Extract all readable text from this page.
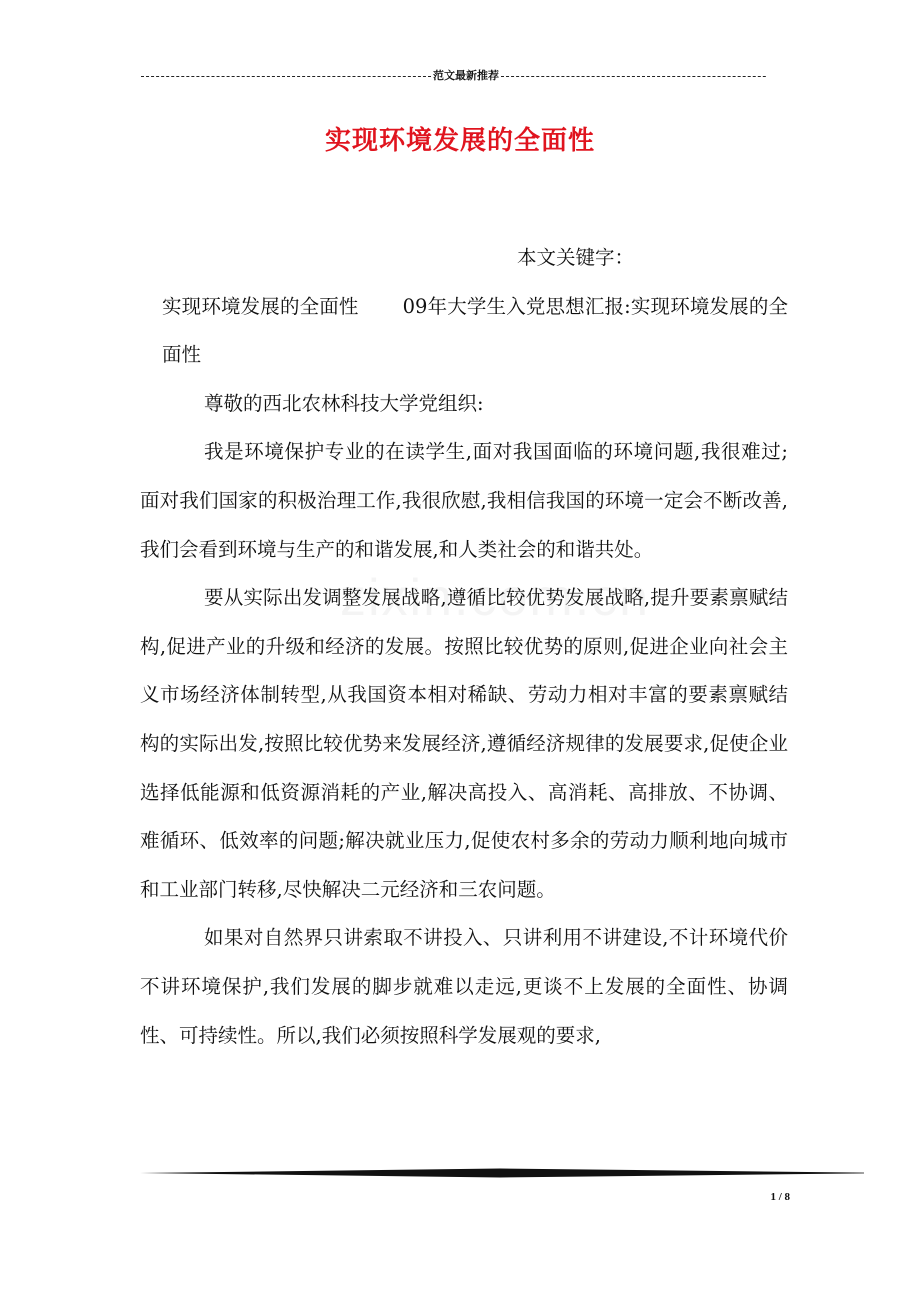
范文最新推荐
实现环境发展的全面性

本文关键字：

实现环境发展的全面性 09年大学生入党思想汇报:实现环境发展的全面性

尊敬的西北农林科技大学党组织:

我是环境保护专业的在读学生,面对我国面临的环境问题,我很难过;面对我们国家的积极治理工作,我很欣慰,我相信我国的环境一定会不断改善,我们会看到环境与生产的和谐发展,和人类社会的和谐共处。

要从实际出发调整发展战略,遵循比较优势发展战略,提升要素禀赋结构,促进产业的升级和经济的发展。按照比较优势的原则,促进企业向社会主义市场经济体制转型,从我国资本相对稀缺、劳动力相对丰富的要素禀赋结构的实际出发,按照比较优势来发展经济,遵循经济规律的发展要求,促使企业选择低能源和低资源消耗的产业,解决高投入、高消耗、高排放、不协调、难循环、低效率的问题;解决就业压力,促使农村多余的劳动力顺利地向城市和工业部门转移,尽快解决二元经济和三农问题。

如果对自然界只讲索取不讲投入、只讲利用不讲建设,不计环境代价不讲环境保护,我们发展的脚步就难以走远,更谈不上发展的全面性、协调性、可持续性。所以,我们必须按照科学发展观的要求,

1 / 8
